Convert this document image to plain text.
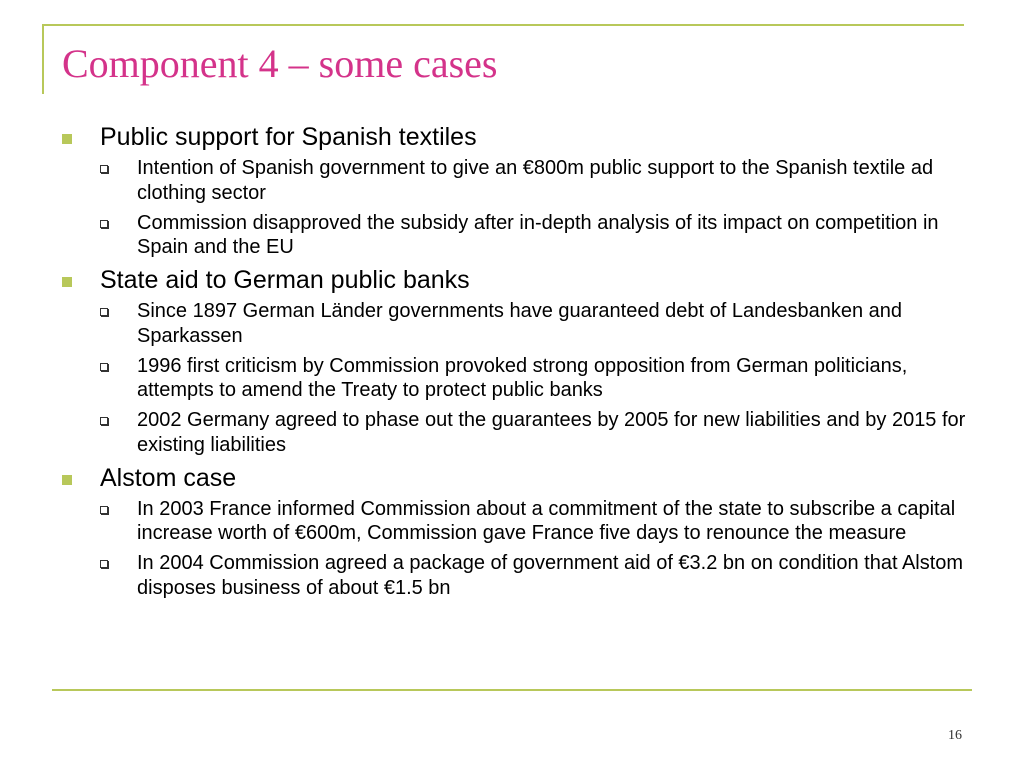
Component 4 – some cases
Public support for Spanish textiles
Intention of Spanish government to give an €800m public support to the Spanish textile ad clothing sector
Commission disapproved the subsidy after in-depth analysis of its impact on competition in Spain and the EU
State aid to German public banks
Since 1897 German Länder governments have guaranteed debt of Landesbanken and Sparkassen
1996 first criticism by Commission provoked strong opposition from German politicians, attempts to amend the Treaty to protect public banks
2002 Germany agreed to phase out the guarantees by 2005 for new liabilities and by 2015 for existing liabilities
Alstom case
In 2003 France informed Commission about a commitment of the state to subscribe a capital increase worth of €600m, Commission gave France five days to renounce the measure
In 2004 Commission agreed a package of government aid of €3.2 bn on condition that Alstom disposes business of about €1.5 bn
16
